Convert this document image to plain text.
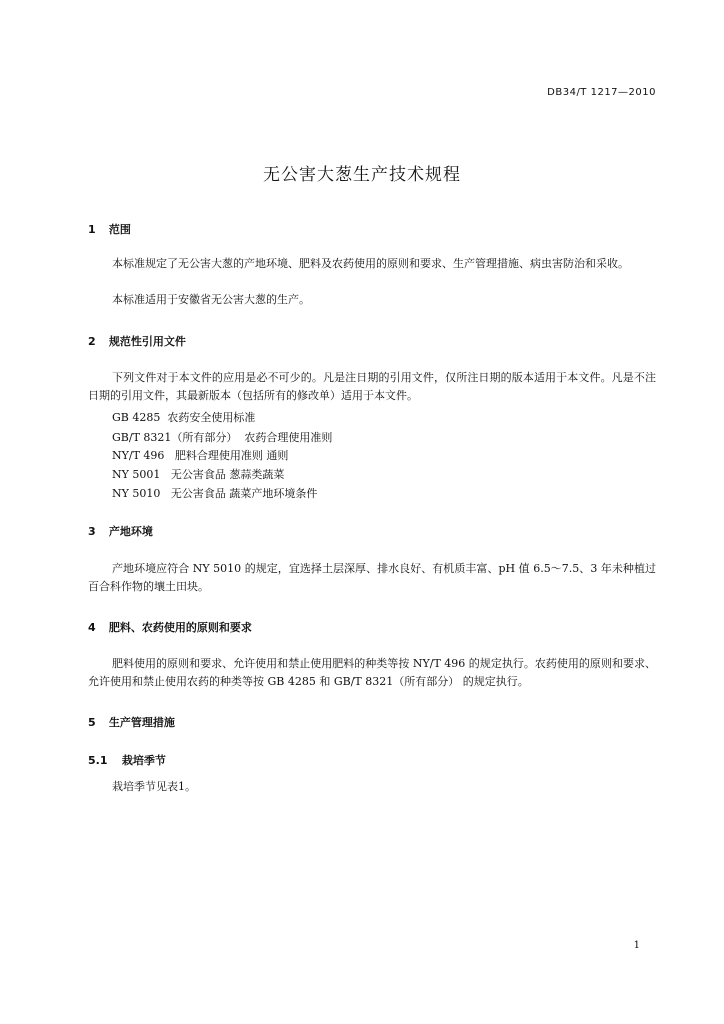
DB34/T 1217—2010
无公害大葱生产技术规程
1 范围
本标准规定了无公害大葱的产地环境、肥料及农药使用的原则和要求、生产管理措施、病虫害防治和采收。
本标准适用于安徽省无公害大葱的生产。
2 规范性引用文件
下列文件对于本文件的应用是必不可少的。凡是注日期的引用文件，仅所注日期的版本适用于本文件。凡是不注日期的引用文件，其最新版本（包括所有的修改单）适用于本文件。
GB 4285  农药安全使用标准
GB/T 8321（所有部分）  农药合理使用准则
NY/T 496   肥料合理使用准则 通则
NY 5001   无公害食品 葱蒜类蔬菜
NY 5010   无公害食品 蔬菜产地环境条件
3 产地环境
产地环境应符合 NY 5010 的规定，宜选择土层深厚、排水良好、有机质丰富、pH 值 6.5～7.5、3 年未种植过百合科作物的壤土田块。
4 肥料、农药使用的原则和要求
肥料使用的原则和要求、允许使用和禁止使用肥料的种类等按 NY/T 496 的规定执行。农药使用的原则和要求、允许使用和禁止使用农药的种类等按 GB 4285 和 GB/T 8321（所有部分） 的规定执行。
5 生产管理措施
5.1 栽培季节
栽培季节见表1。
1
